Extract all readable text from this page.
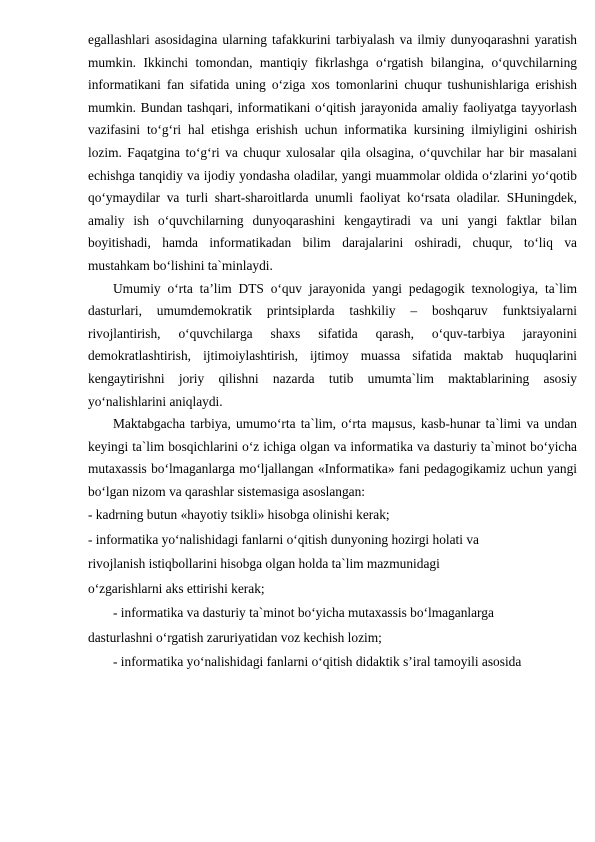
egallashlari asosidagina ularning tafakkurini tarbiyalash va ilmiy dunyoqarashni yaratish mumkin. Ikkinchi tomondan, mantiqiy fikrlashga o‘rgatish bilangina, o‘quvchilarning informatikani fan sifatida uning o‘ziga xos tomonlarini chuqur tushunishlariga erishish mumkin. Bundan tashqari, informatikani o‘qitish jarayonida amaliy faoliyatga tayyorlash vazifasini to‘g‘ri hal etishga erishish uchun informatika kursining ilmiyligini oshirish lozim. Faqatgina to‘g‘ri va chuqur xulosalar qila olsagina, o‘quvchilar har bir masalani echishga tanqidiy va ijodiy yondasha oladilar, yangi muammolar oldida o‘zlarini yo‘qotib qo‘ymaydilar va turli shart-sharoitlarda unumli faoliyat ko‘rsata oladilar. SHuningdek, amaliy ish o‘quvchilarning dunyoqarashini kengaytiradi va uni yangi faktlar bilan boyitishadi, hamda informatikadan bilim darajalarini oshiradi, chuqur, to‘liq va mustahkam bo‘lishini ta`minlaydi.

Umumiy o‘rta ta’lim DTS o‘quv jarayonida yangi pedagogik texnologiya, ta`lim dasturlari, umumdemokratik printsiplarda tashkiliy – boshqaruv funktsiyalarni rivojlantirish, o‘quvchilarga shaxs sifatida qarash, o‘quv-tarbiya jarayonini demokratlashtirish, ijtimoiylashtirish, ijtimoy muassa sifatida maktab huquqlarini kengaytirishni joriy qilishni nazarda tutib umumta`lim maktablarining asosiy yo‘nalishlarini aniqlaydi.

Maktabgacha tarbiya, umumo‘rta ta`lim, o‘rta maμsus, kasb-hunar ta`limi va undan keyingi ta`lim bosqichlarini o‘z ichiga olgan va informatika va dasturiy ta`minot bo‘yicha mutaxassis bo‘lmaganlarga mo‘ljallangan «Informatika» fani pedagogikamiz uchun yangi bo‘lgan nizom va qarashlar sistemasiga asoslangan:

- kadrning butun «hayotiy tsikli» hisobga olinishi kerak;

- informatika yo‘nalishidagi fanlarni o‘qitish dunyoning hozirgi holati va rivojlanish istiqbollarini hisobga olgan holda ta`lim mazmunidagi o‘zgarishlarni aks ettirishi kerak;

- informatika va dasturiy ta`minot bo‘yicha mutaxassis bo‘lmaganlarga dasturlashni o‘rgatish zaruriyatidan voz kechish lozim;

- informatika yo‘nalishidagi fanlarni o‘qitish didaktik s’iral tamoyili asosida
